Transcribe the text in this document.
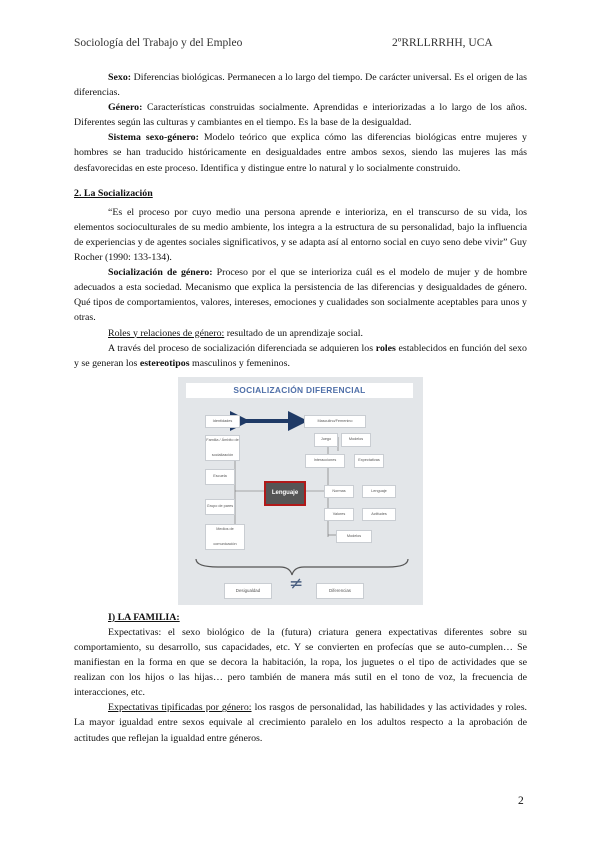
Sociología del Trabajo y del Empleo	2ºRRLLRRHH, UCA

Sexo: Diferencias biológicas. Permanecen a lo largo del tiempo. De carácter universal. Es el origen de las diferencias.

Género: Características construidas socialmente. Aprendidas e interiorizadas a lo largo de los años. Diferentes según las culturas y cambiantes en el tiempo. Es la base de la desigualdad.

Sistema sexo-género: Modelo teórico que explica cómo las diferencias biológicas entre mujeres y hombres se han traducido históricamente en desigualdades entre ambos sexos, siendo las mujeres las más desfavorecidas en este proceso. Identifica y distingue entre lo natural y lo socialmente construido.

2. La Socialización

“Es el proceso por cuyo medio una persona aprende e interioriza, en el transcurso de su vida, los elementos socioculturales de su medio ambiente, los integra a la estructura de su personalidad, bajo la influencia de experiencias y de agentes sociales significativos, y se adapta así al entorno social en cuyo seno debe vivir” Guy Rocher (1990: 133-134).

Socialización de género: Proceso por el que se interioriza cuál es el modelo de mujer y de hombre adecuados a esta sociedad. Mecanismo que explica la persistencia de las diferencias y desigualdades de género. Qué tipos de comportamientos, valores, intereses, emociones y cualidades son socialmente aceptables para unos y otras.

Roles y relaciones de género: resultado de un aprendizaje social.

A través del proceso de socialización diferenciada se adquieren los roles establecidos en función del sexo y se generan los estereotipos masculinos y femeninos.

SOCIALIZACIÓN DIFERENCIAL
Identidades	Masculino/Femenino
Familia / Ámbito de socialización
Escuela
Grupo de pares
Medios de comunicación
Juego	Modelos
Interacciones	Expectativas
Lenguaje	Normas	Lenguaje
Valores	Actitudes
Modelos
Desigualdad	≠	Diferencias

I) LA FAMILIA:

Expectativas: el sexo biológico de la (futura) criatura genera expectativas diferentes sobre su comportamiento, su desarrollo, sus capacidades, etc. Y se convierten en profecías que se auto-cumplen… Se manifiestan en la forma en que se decora la habitación, la ropa, los juguetes o el tipo de actividades que se realizan con los hijos o las hijas… pero también de manera más sutil en el tono de voz, la frecuencia de interacciones, etc.

Expectativas tipificadas por género: los rasgos de personalidad, las habilidades y las actividades y roles. La mayor igualdad entre sexos equivale al crecimiento paralelo en los adultos respecto a la aprobación de actitudes que reflejan la igualdad entre géneros.

2
